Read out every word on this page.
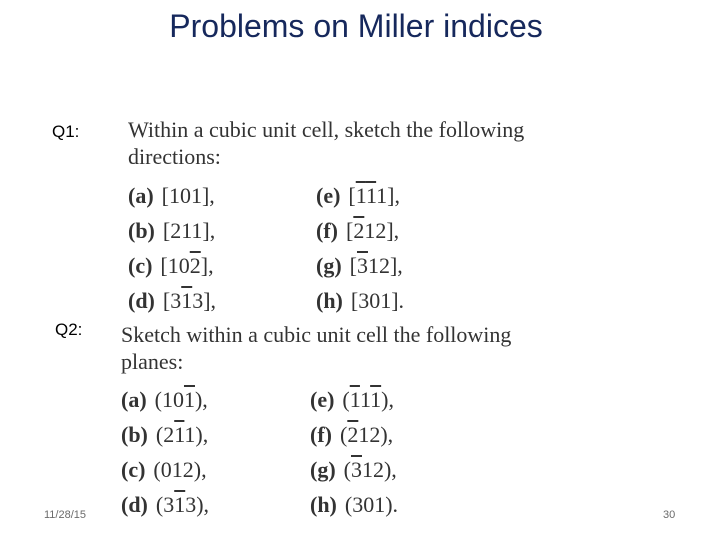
Problems on Miller indices
Q1: Within a cubic unit cell, sketch the following
directions:
(a) [101],
(b) [211],
(c) [102],
(d) [313],
(e) [111],
(f) [212],
(g) [312],
(h) [301].
Q2: Sketch within a cubic unit cell the following
planes:
(a) (101),
(b) (211),
(c) (012),
(d) (313),
(e) (111),
(f) (212),
(g) (312),
(h) (301).
11/28/15	30
